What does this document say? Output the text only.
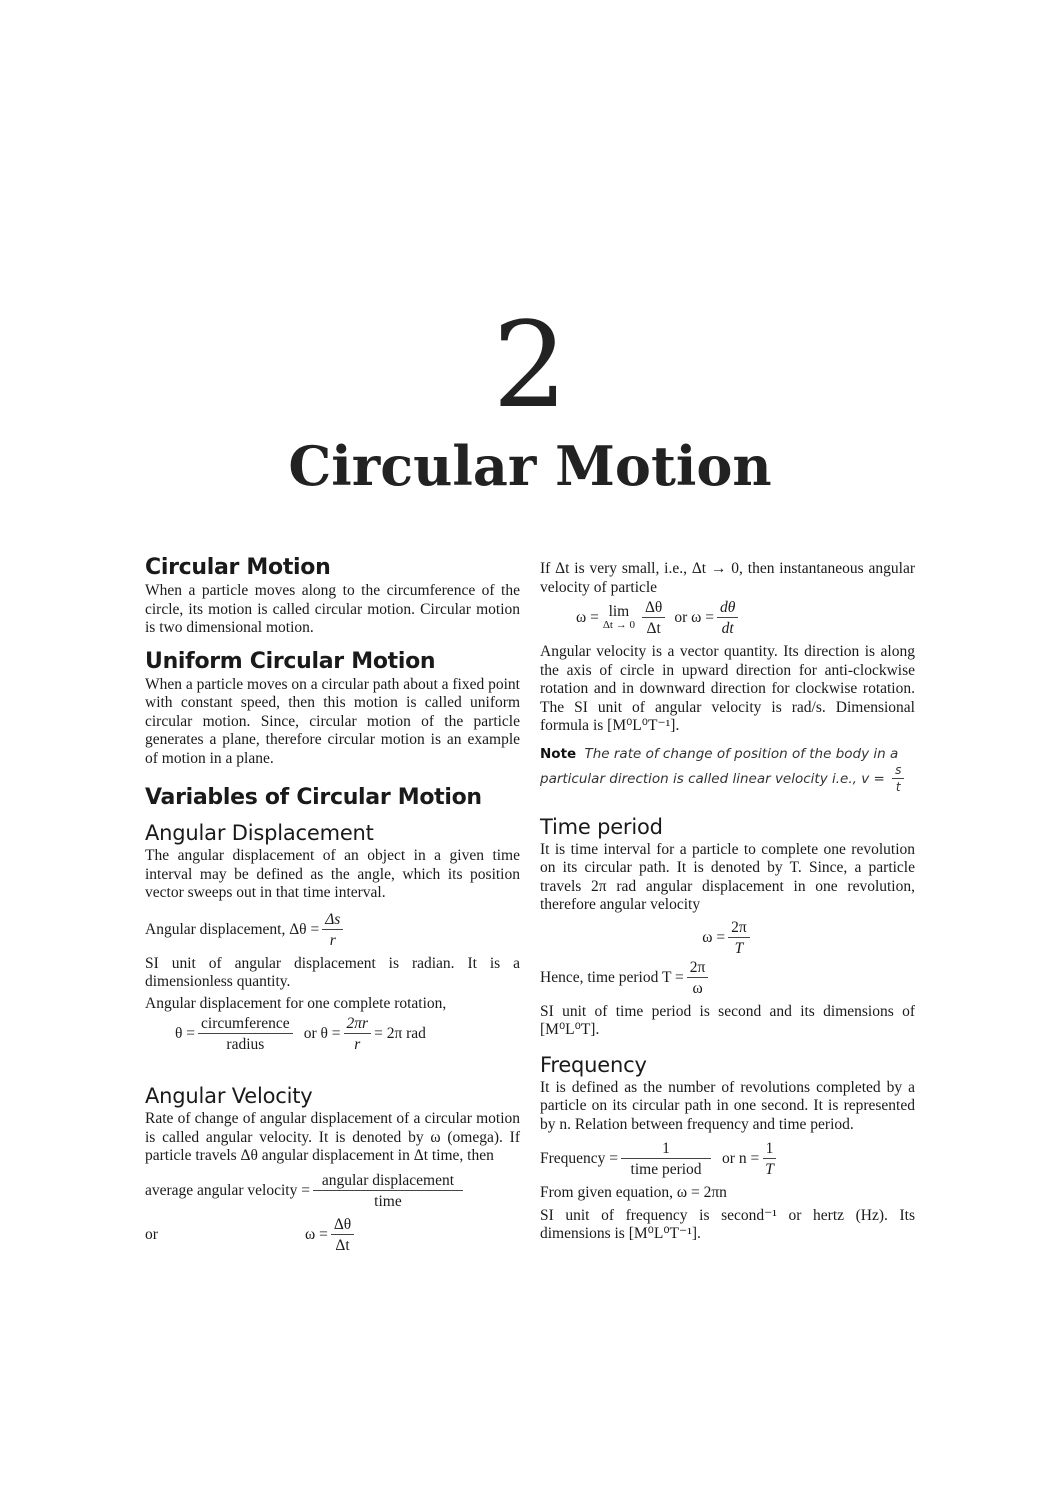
2
Circular Motion
Circular Motion

When a particle moves along to the circumference of the circle, its motion is called circular motion. Circular motion is two dimensional motion.

Uniform Circular Motion

When a particle moves on a circular path about a fixed point with constant speed, then this motion is called uniform circular motion. Since, circular motion of the particle generates a plane, therefore circular motion is an example of motion in a plane.

Variables of Circular Motion
Angular Displacement

The angular displacement of an object in a given time interval may be defined as the angle, which its position vector sweeps out in that time interval.

Angular displacement, $\Delta\theta = \frac{\Delta s}{r}$

SI unit of angular displacement is radian. It is a dimensionless quantity.

Angular displacement for one complete rotation,

$\theta = \frac{\text{circumference}}{\text{radius}}$ or $\theta = \frac{2\pi r}{r} = 2\pi$ rad
Angular Velocity

Rate of change of angular displacement of a circular motion is called angular velocity. It is denoted by ω (omega). If particle travels Δθ angular displacement in Δt time, then

average angular velocity = $\frac{\text{angular displacement}}{\text{time}}$
or	$\omega = \frac{\Delta\theta}{\Delta t}$

If Δt is very small, i.e., Δt → 0, then instantaneous angular velocity of particle

ω = lim
$\Delta t \to 0 \frac{\Delta\theta}{\Delta t}$ or $\omega = \frac{d\theta}{dt}$

Angular velocity is a vector quantity. Its direction is along the axis of circle in upward direction for anti-clockwise rotation and in downward direction for clockwise rotation. The SI unit of angular velocity is rad/s. Dimensional formula is [M⁰L⁰T⁻¹].

Note The rate of change of position of the body in a particular direction is called linear velocity i.e., $v = \frac{s}{t}$
Time period

It is time interval for a particle to complete one revolution on its circular path. It is denoted by T. Since, a particle travels 2π rad angular displacement in one revolution, therefore angular velocity

$\omega = \frac{2\pi}{T}$
Hence, time period $T = \frac{2\pi}{\omega}$

SI unit of time period is second and its dimensions of [M⁰L⁰T].

Frequency

It is defined as the number of revolutions completed by a particle on its circular path in one second. It is represented by n. Relation between frequency and time period.

Frequency = $\frac{1}{\text{time period}}$ or $n = \frac{1}{T}$

From given equation, ω = 2πn

SI unit of frequency is second⁻¹ or hertz (Hz). Its dimensions is [M⁰L⁰T⁻¹].
